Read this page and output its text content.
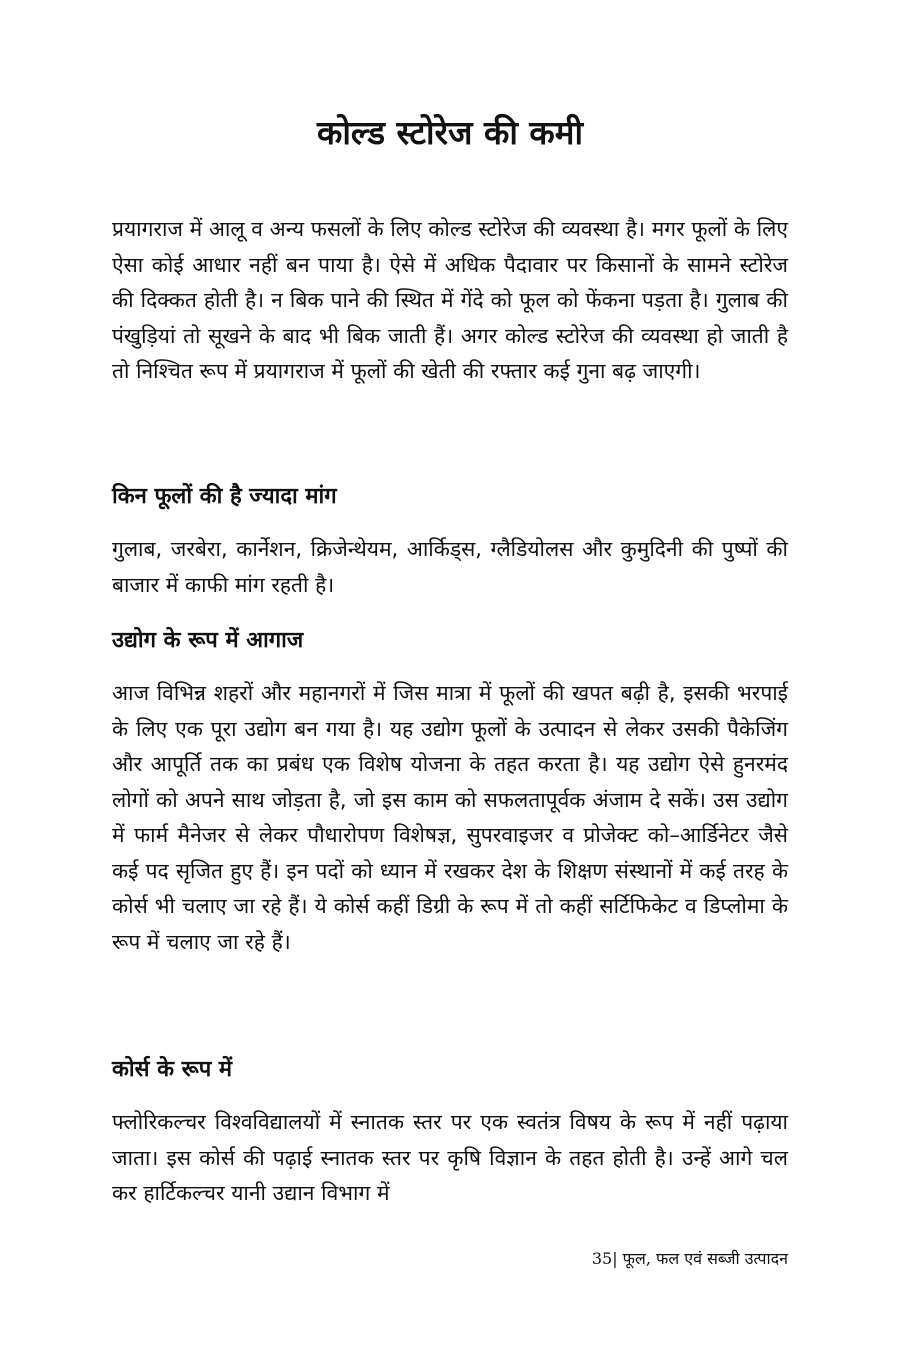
कोल्ड स्टोरेज की कमी

प्रयागराज में आलू व अन्य फसलों के लिए कोल्ड स्टोरेज की व्यवस्था है। मगर फूलों के लिए ऐसा कोई आधार नहीं बन पाया है। ऐसे में अधिक पैदावार पर किसानों के सामने स्टोरेज की दिक्कत होती है। न बिक पाने की स्थित में गेंदे को फूल को फेंकना पड़ता है। गुलाब की पंखुड़ियां तो सूखने के बाद भी बिक जाती हैं। अगर कोल्ड स्टोरेज की व्यवस्था हो जाती है तो निश्चित रूप में प्रयागराज में फूलों की खेती की रफ्तार कई गुना बढ़ जाएगी।

किन फूलों की है ज्यादा मांग

गुलाब, जरबेरा, कार्नेशन, क्रिजेन्थेयम, आर्किड्स, ग्लैडियोलस और कुमुदिनी की पुष्पों की बाजार में काफी मांग रहती है।

उद्योग के रूप में आगाज

आज विभिन्न शहरों और महानगरों में जिस मात्रा में फूलों की खपत बढ़ी है, इसकी भरपाई के लिए एक पूरा उद्योग बन गया है। यह उद्योग फूलों के उत्पादन से लेकर उसकी पैकेजिंग और आपूर्ति तक का प्रबंध एक विशेष योजना के तहत करता है। यह उद्योग ऐसे हुनरमंद लोगों को अपने साथ जोड़ता है, जो इस काम को सफलतापूर्वक अंजाम दे सकें। उस उद्योग में फार्म मैनेजर से लेकर पौधारोपण विशेषज्ञ, सुपरवाइजर व प्रोजेक्ट को–आर्डिनेटर जैसे कई पद सृजित हुए हैं। इन पदों को ध्यान में रखकर देश के शिक्षण संस्थानों में कई तरह के कोर्स भी चलाए जा रहे हैं। ये कोर्स कहीं डिग्री के रूप में तो कहीं सर्टिफिकेट व डिप्लोमा के रूप में चलाए जा रहे हैं।

कोर्स के रूप में

फ्लोरिकल्चर विश्वविद्यालयों में स्नातक स्तर पर एक स्वतंत्र विषय के रूप में नहीं पढ़ाया जाता। इस कोर्स की पढ़ाई स्नातक स्तर पर कृषि विज्ञान के तहत होती है। उन्हें आगे चल कर हार्टिकल्चर यानी उद्यान विभाग में

35| फूल, फल एवं सब्जी उत्पादन
